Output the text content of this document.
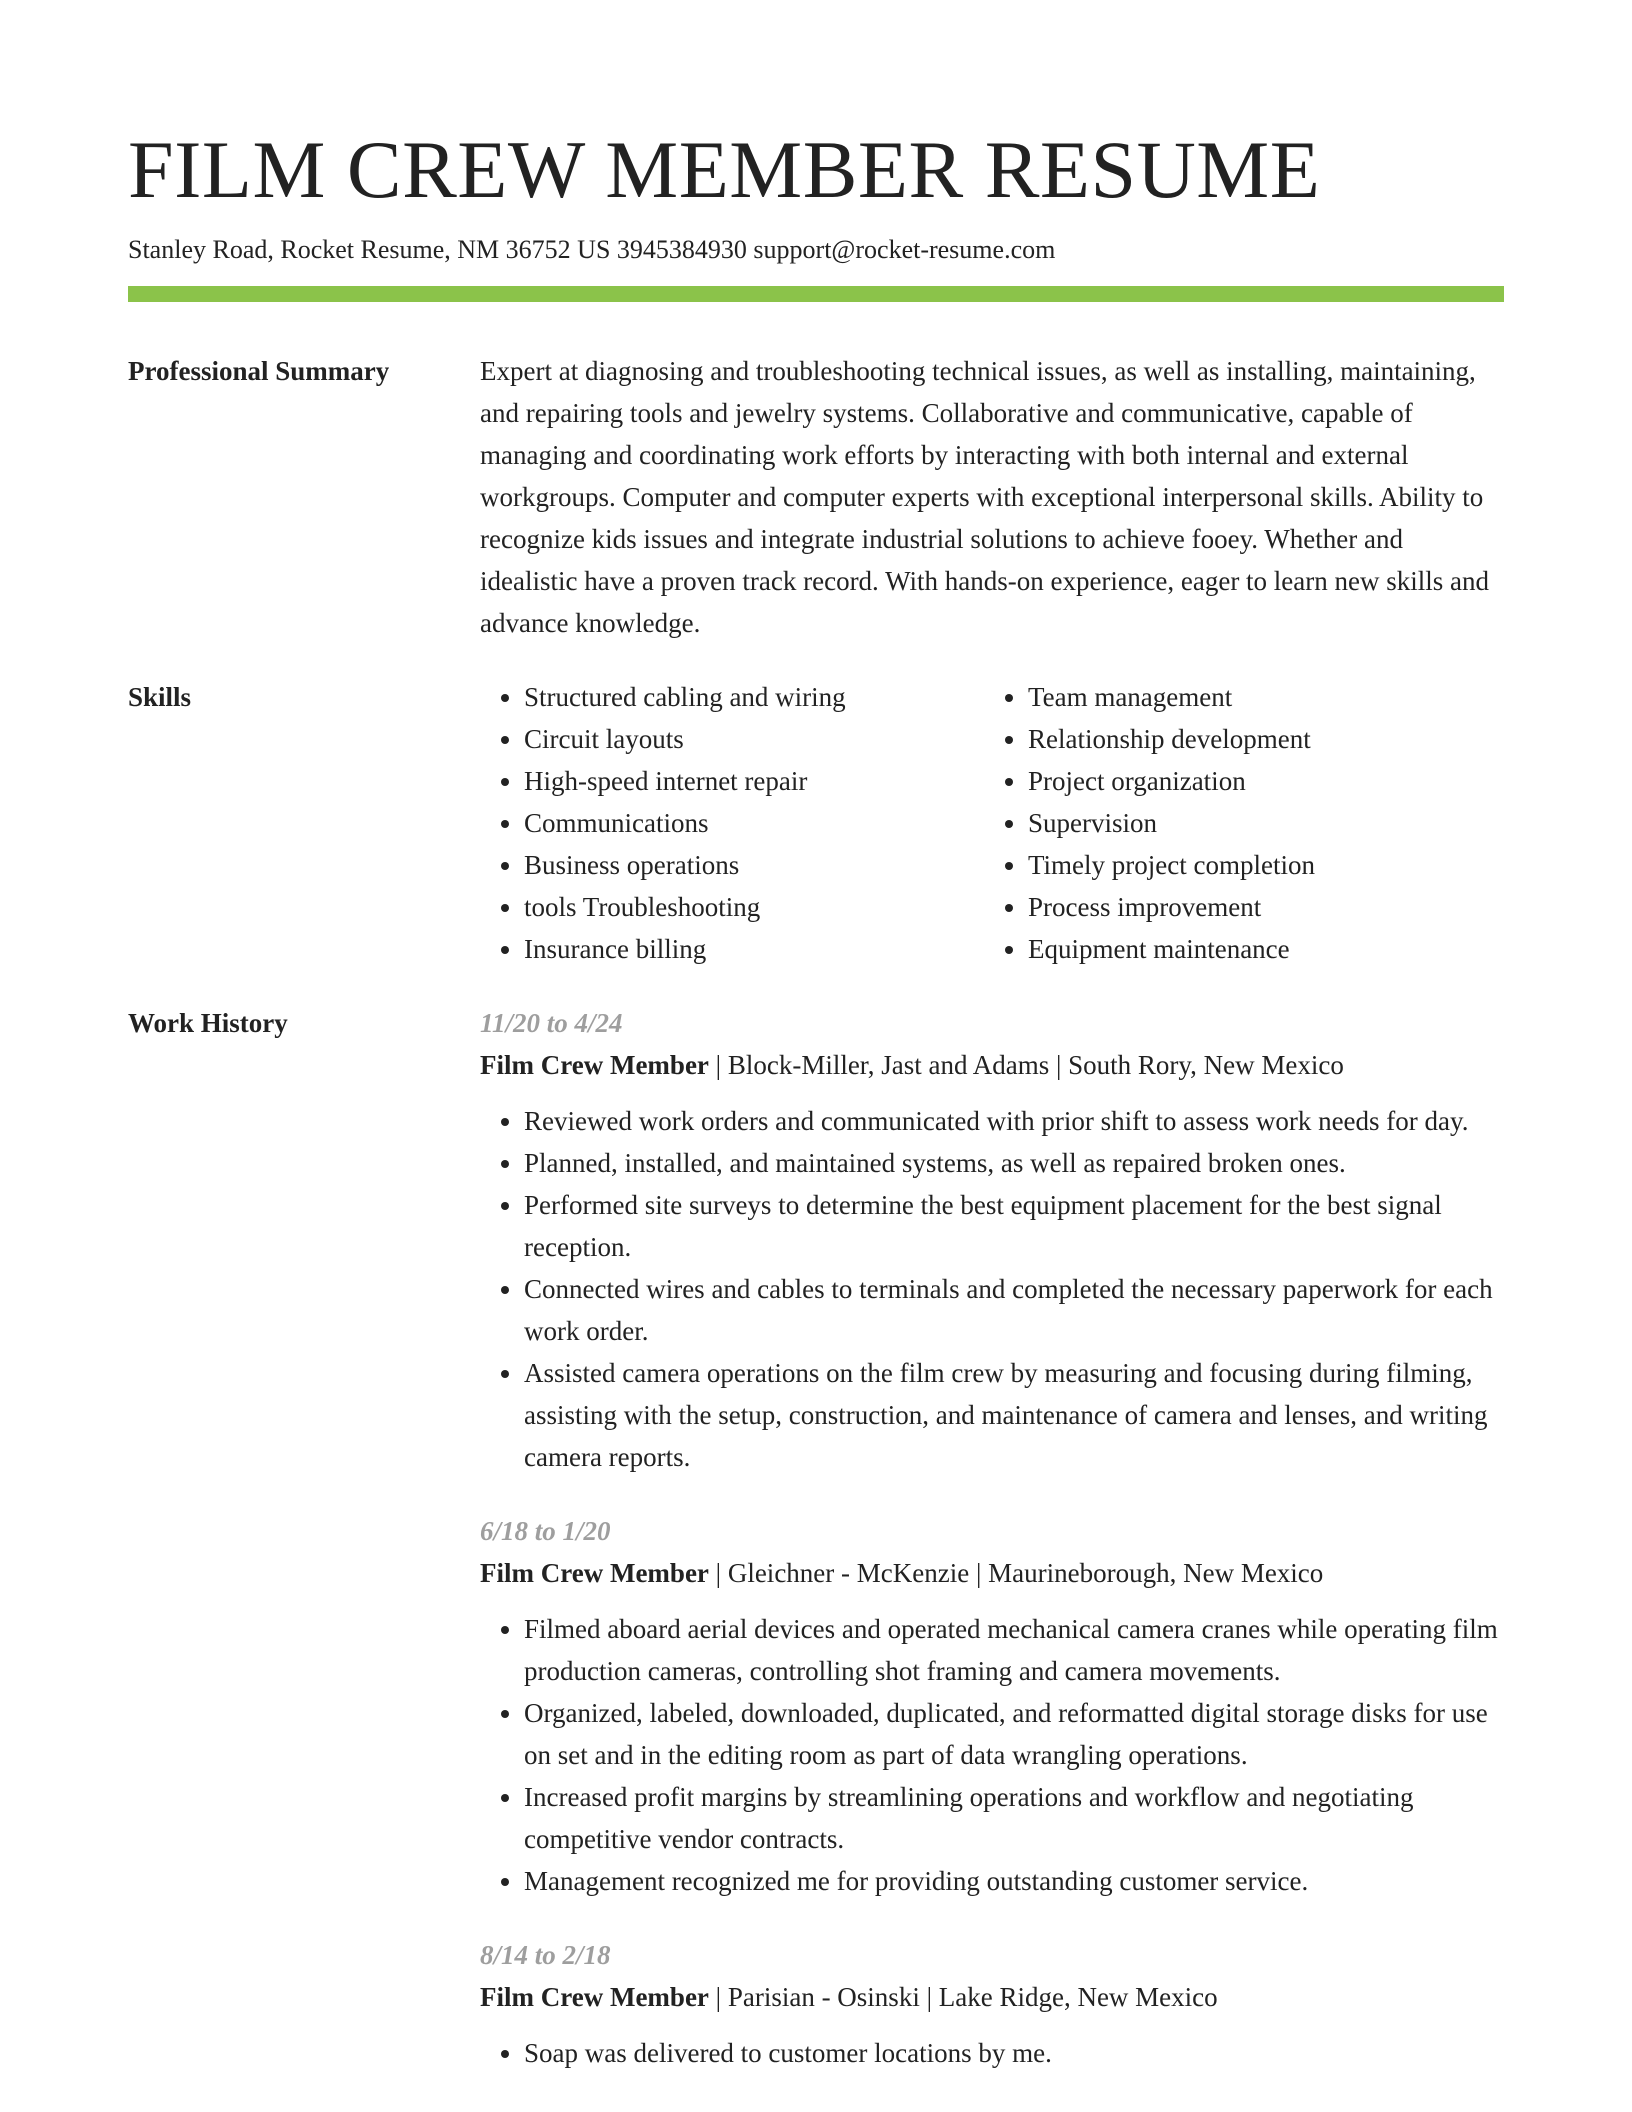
FILM CREW MEMBER RESUME
Stanley Road, Rocket Resume, NM 36752 US 3945384930 support@rocket-resume.com
Professional Summary	Expert at diagnosing and troubleshooting technical issues, as well as installing, maintaining, and repairing tools and jewelry systems. Collaborative and communicative, capable of managing and coordinating work efforts by interacting with both internal and external workgroups. Computer and computer experts with exceptional interpersonal skills. Ability to recognize kids issues and integrate industrial solutions to achieve fooey. Whether and idealistic have a proven track record. With hands-on experience, eager to learn new skills and advance knowledge.

Skills
•	Structured cabling and wiring
• Circuit layouts
• High-speed internet repair
• Communications
• Business operations
• tools Troubleshooting
• Insurance billing
• Team management
• Relationship development
• Project organization
• Supervision
• Timely project completion
• Process improvement
• Equipment maintenance
Work History	11/20 to 4/24
Film Crew Member | Block-Miller, Jast and Adams | South Rory, New Mexico
• Reviewed work orders and communicated with prior shift to assess work needs for day.
• Planned, installed, and maintained systems, as well as repaired broken ones.
• Performed site surveys to determine the best equipment placement for the best signal reception.
• Connected wires and cables to terminals and completed the necessary paperwork for each work order.
• Assisted camera operations on the film crew by measuring and focusing during filming, assisting with the setup, construction, and maintenance of camera and lenses, and writing camera reports.
6/18 to 1/20
Film Crew Member | Gleichner - McKenzie | Maurineborough, New Mexico
• Filmed aboard aerial devices and operated mechanical camera cranes while operating film production cameras, controlling shot framing and camera movements.
• Organized, labeled, downloaded, duplicated, and reformatted digital storage disks for use on set and in the editing room as part of data wrangling operations.
• Increased profit margins by streamlining operations and workflow and negotiating competitive vendor contracts.
• Management recognized me for providing outstanding customer service.
8/14 to 2/18
Film Crew Member | Parisian - Osinski | Lake Ridge, New Mexico
• Soap was delivered to customer locations by me.
